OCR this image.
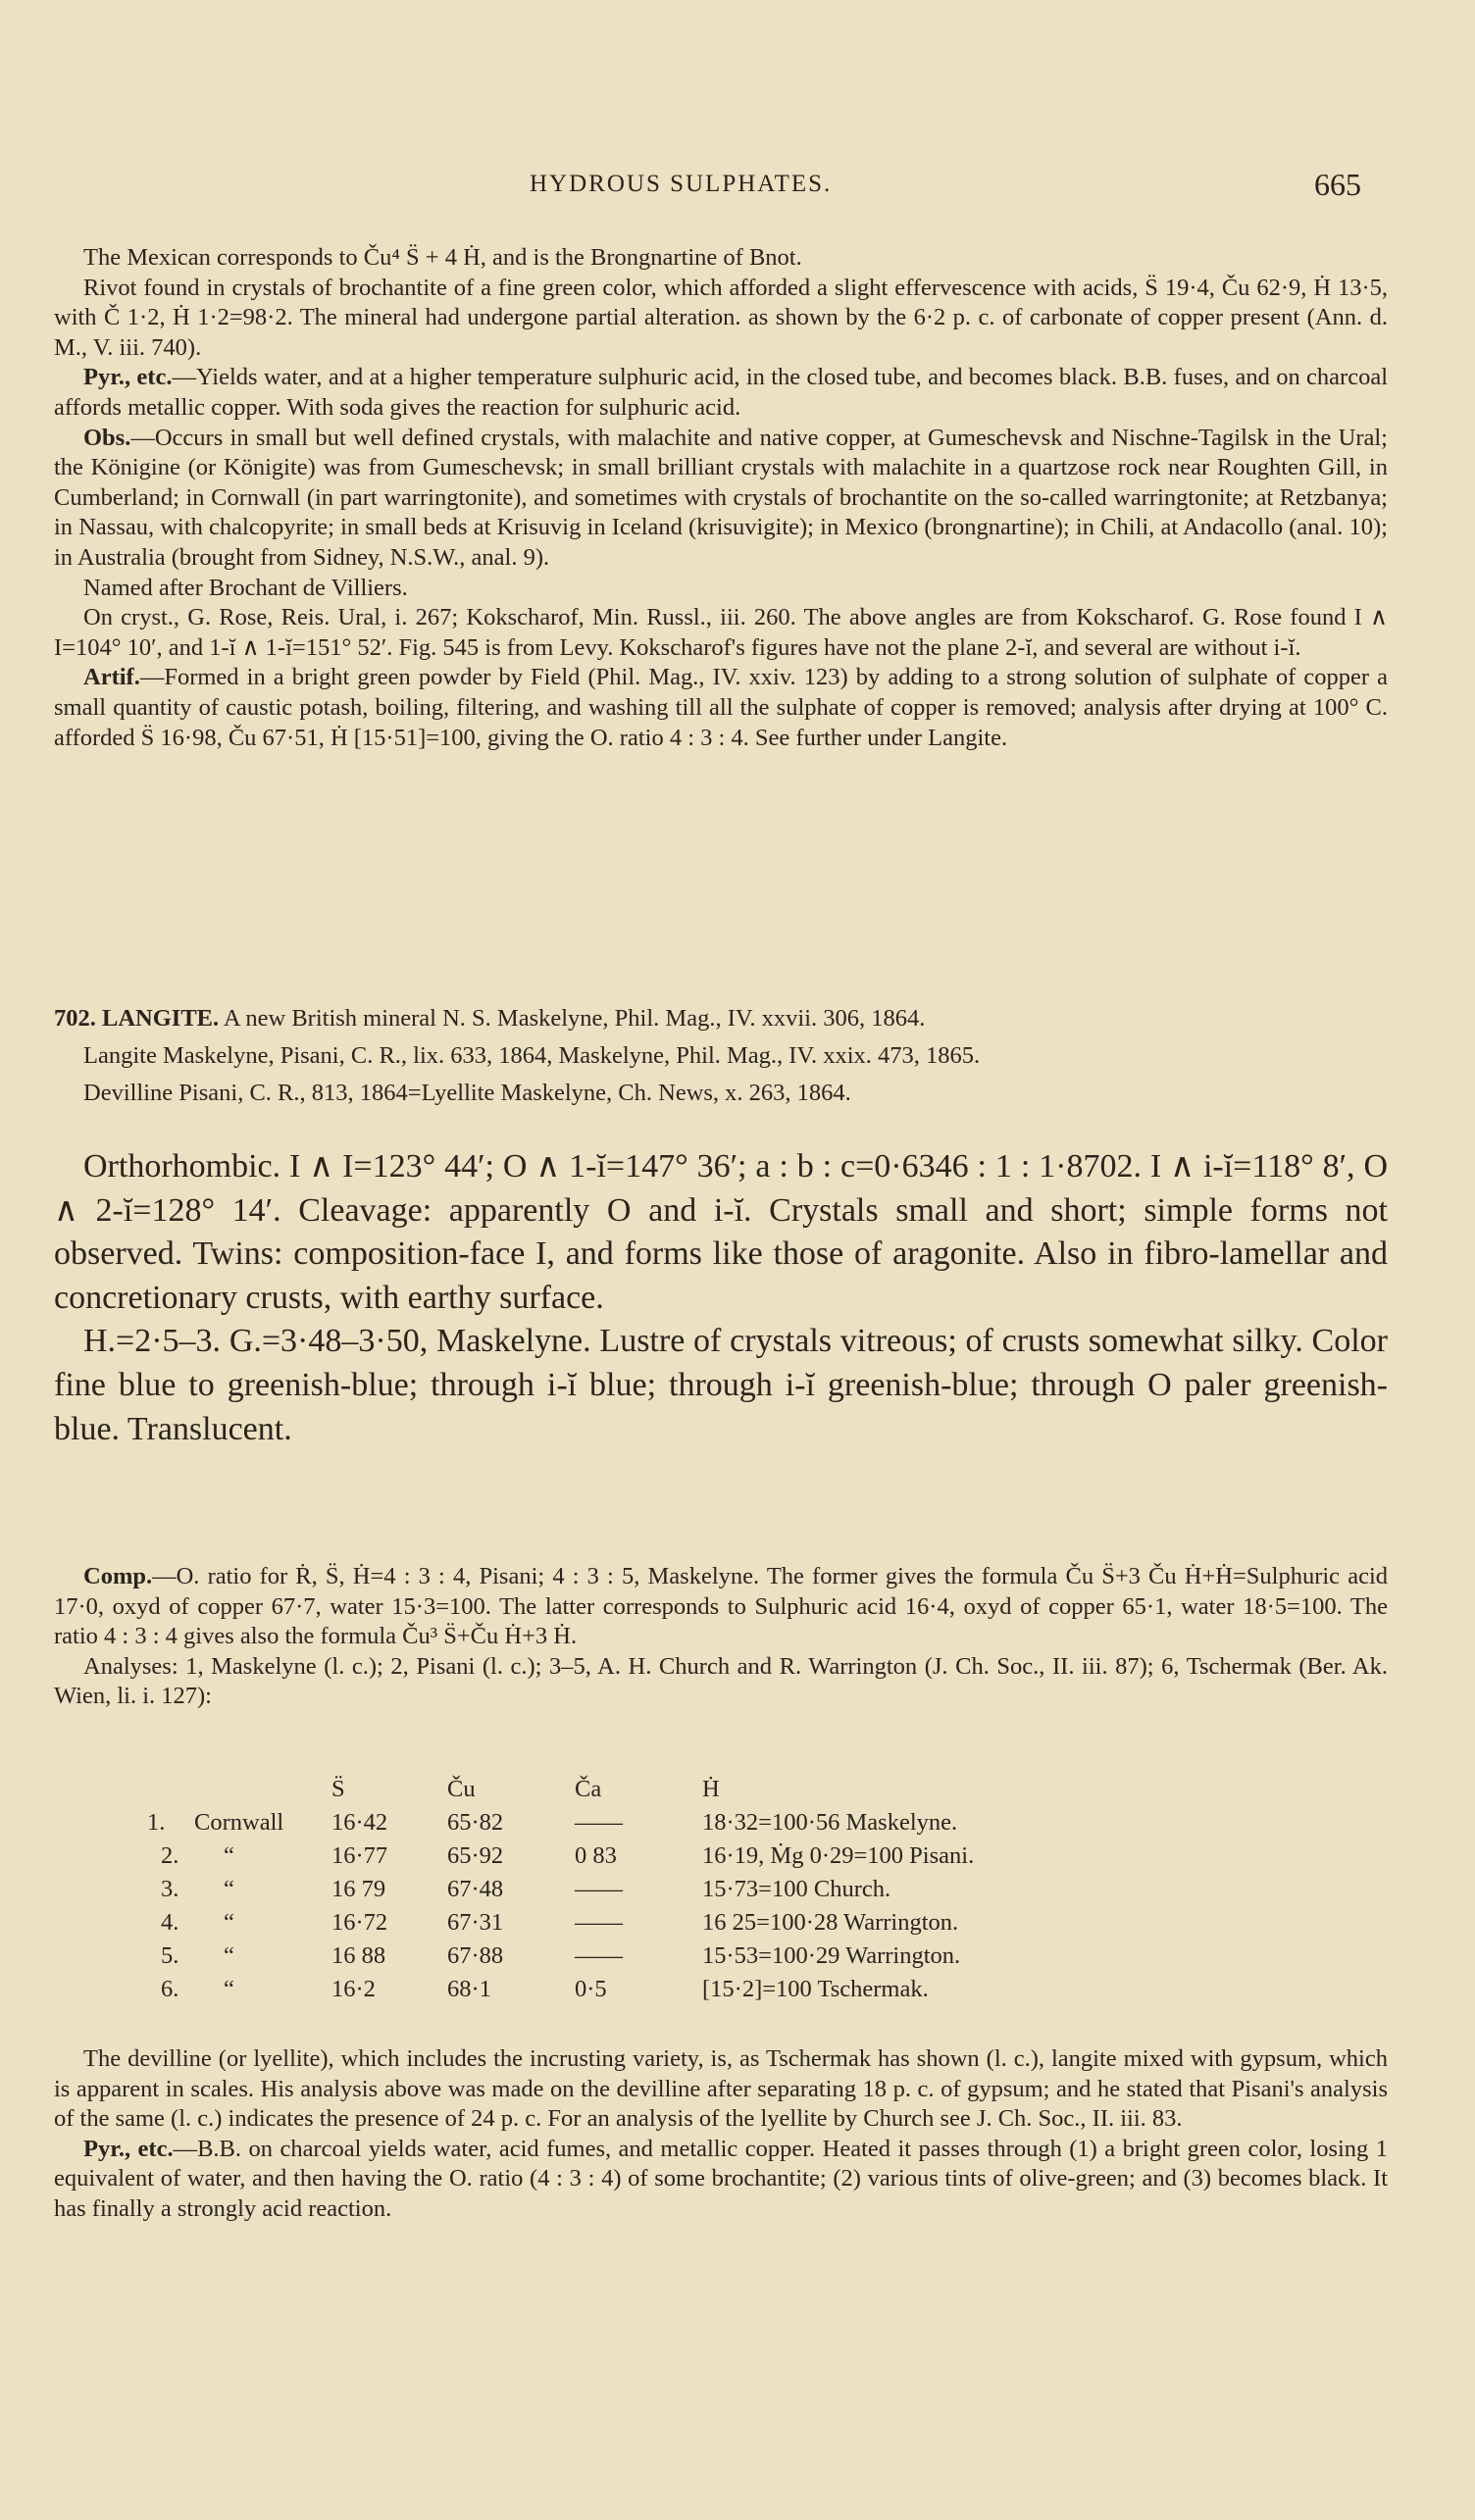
HYDROUS SULPHATES.	665

The Mexican corresponds to Ču⁴ S̈ + 4 Ḣ, and is the Brongnartine of Bnot.

Rivot found in crystals of brochantite of a fine green color, which afforded a slight effervescence with acids, S̈ 19·4, Ču 62·9, Ḣ 13·5, with Č 1·2, Ḣ 1·2=98·2. The mineral had undergone partial alteration. as shown by the 6·2 p. c. of carbonate of copper present (Ann. d. M., V. iii. 740).

Pyr., etc.—Yields water, and at a higher temperature sulphuric acid, in the closed tube, and becomes black. B.B. fuses, and on charcoal affords metallic copper. With soda gives the reaction for sulphuric acid.

Obs.—Occurs in small but well defined crystals, with malachite and native copper, at Gumeschevsk and Nischne-Tagilsk in the Ural; the Königine (or Königite) was from Gumeschevsk; in small brilliant crystals with malachite in a quartzose rock near Roughten Gill, in Cumberland; in Cornwall (in part warringtonite), and sometimes with crystals of brochantite on the so-called warringtonite; at Retzbanya; in Nassau, with chalcopyrite; in small beds at Krisuvig in Iceland (krisuvigite); in Mexico (brongnartine); in Chili, at Andacollo (anal. 10); in Australia (brought from Sidney, N.S.W., anal. 9).

Named after Brochant de Villiers.

On cryst., G. Rose, Reis. Ural, i. 267; Kokscharof, Min. Russl., iii. 260. The above angles are from Kokscharof. G. Rose found I ∧ I=104° 10′, and 1-ĭ ∧ 1-ĭ=151° 52′. Fig. 545 is from Levy. Kokscharof's figures have not the plane 2-ĭ, and several are without i-ĭ.

Artif.—Formed in a bright green powder by Field (Phil. Mag., IV. xxiv. 123) by adding to a strong solution of sulphate of copper a small quantity of caustic potash, boiling, filtering, and washing till all the sulphate of copper is removed; analysis after drying at 100° C. afforded S̈ 16·98, Ču 67·51, Ḣ [15·51]=100, giving the O. ratio 4 : 3 : 4. See further under Langite.

702. LANGITE. A new British mineral N. S. Maskelyne, Phil. Mag., IV. xxvii. 306, 1864.

Langite Maskelyne, Pisani, C. R., lix. 633, 1864, Maskelyne, Phil. Mag., IV. xxix. 473, 1865.

Devilline Pisani, C. R., 813, 1864=Lyellite Maskelyne, Ch. News, x. 263, 1864.

Orthorhombic. I ∧ I=123° 44′; O ∧ 1-ĭ=147° 36′; a : b : c=0·6346 : 1 : 1·8702. I ∧ i-ĭ=118° 8′, O ∧ 2-ĭ=128° 14′. Cleavage: apparently O and i-ĭ. Crystals small and short; simple forms not observed. Twins: composition-face I, and forms like those of aragonite. Also in fibro-lamellar and concretionary crusts, with earthy surface.

H.=2·5–3. G.=3·48–3·50, Maskelyne. Lustre of crystals vitreous; of crusts somewhat silky. Color fine blue to greenish-blue; through i-ĭ blue; through i-ĭ greenish-blue; through O paler greenish-blue. Translucent.

Comp.—O. ratio for Ṙ, S̈, Ḣ=4 : 3 : 4, Pisani; 4 : 3 : 5, Maskelyne. The former gives the formula Ču S̈+3 Ču Ḣ+Ḣ=Sulphuric acid 17·0, oxyd of copper 67·7, water 15·3=100. The latter corresponds to Sulphuric acid 16·4, oxyd of copper 65·1, water 18·5=100. The ratio 4 : 3 : 4 gives also the formula Ču³ S̈+Ču Ḣ+3 Ḣ.

Analyses: 1, Maskelyne (l. c.); 2, Pisani (l. c.); 3–5, A. H. Church and R. Warrington (J. Ch. Soc., II. iii. 87); 6, Tschermak (Ber. Ak. Wien, li. i. 127):

		S̈	Ču	Ča	Ḣ
1.	Cornwall	16·42	65·82	——	18·32=100·56 Maskelyne.
2.	“	16·77	65·92	0 83	16·19, Ṁg 0·29=100 Pisani.
3.	“	16 79	67·48	——	15·73=100 Church.
4.	“	16·72	67·31	——	16 25=100·28 Warrington.
5.	“	16 88	67·88	——	15·53=100·29 Warrington.
6.	“	16·2	68·1	0·5	[15·2]=100 Tschermak.

The devilline (or lyellite), which includes the incrusting variety, is, as Tschermak has shown (l. c.), langite mixed with gypsum, which is apparent in scales. His analysis above was made on the devilline after separating 18 p. c. of gypsum; and he stated that Pisani's analysis of the same (l. c.) indicates the presence of 24 p. c. For an analysis of the lyellite by Church see J. Ch. Soc., II. iii. 83.

Pyr., etc.—B.B. on charcoal yields water, acid fumes, and metallic copper. Heated it passes through (1) a bright green color, losing 1 equivalent of water, and then having the O. ratio (4 : 3 : 4) of some brochantite; (2) various tints of olive-green; and (3) becomes black. It has finally a strongly acid reaction.
